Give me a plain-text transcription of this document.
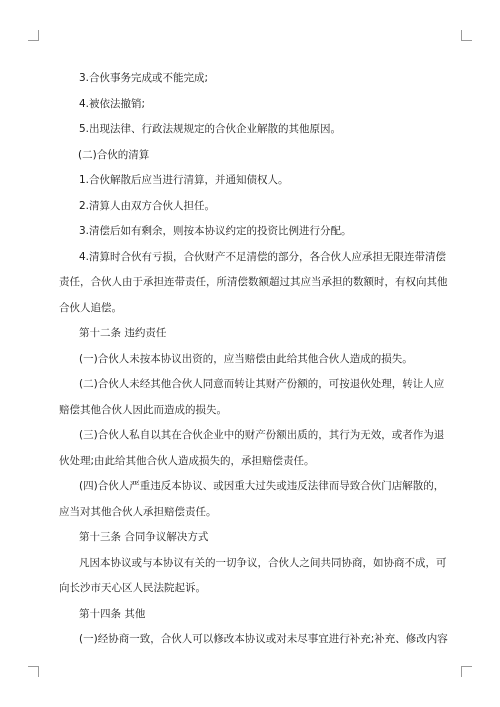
3.合伙事务完成或不能完成;

4.被依法撤销;

5.出现法律、行政法规规定的合伙企业解散的其他原因。

(二)合伙的清算

1.合伙解散后应当进行清算，并通知债权人。

2.清算人由双方合伙人担任。

3.清偿后如有剩余，则按本协议约定的投资比例进行分配。

4.清算时合伙有亏损，合伙财产不足清偿的部分，各合伙人应承担无限连带清偿

责任，合伙人由于承担连带责任，所清偿数额超过其应当承担的数额时，有权向其他

合伙人追偿。

第十二条 违约责任

(一)合伙人未按本协议出资的，应当赔偿由此给其他合伙人造成的损失。

(二)合伙人未经其他合伙人同意而转让其财产份额的，可按退伙处理，转让人应

赔偿其他合伙人因此而造成的损失。

(三)合伙人私自以其在合伙企业中的财产份额出质的，其行为无效，或者作为退

伙处理;由此给其他合伙人造成损失的，承担赔偿责任。

(四)合伙人严重违反本协议、或因重大过失或违反法律而导致合伙门店解散的，

应当对其他合伙人承担赔偿责任。

第十三条 合同争议解决方式

凡因本协议或与本协议有关的一切争议，合伙人之间共同协商，如协商不成，可

向长沙市天心区人民法院起诉。

第十四条 其他

(一)经协商一致，合伙人可以修改本协议或对未尽事宜进行补充;补充、修改内容
